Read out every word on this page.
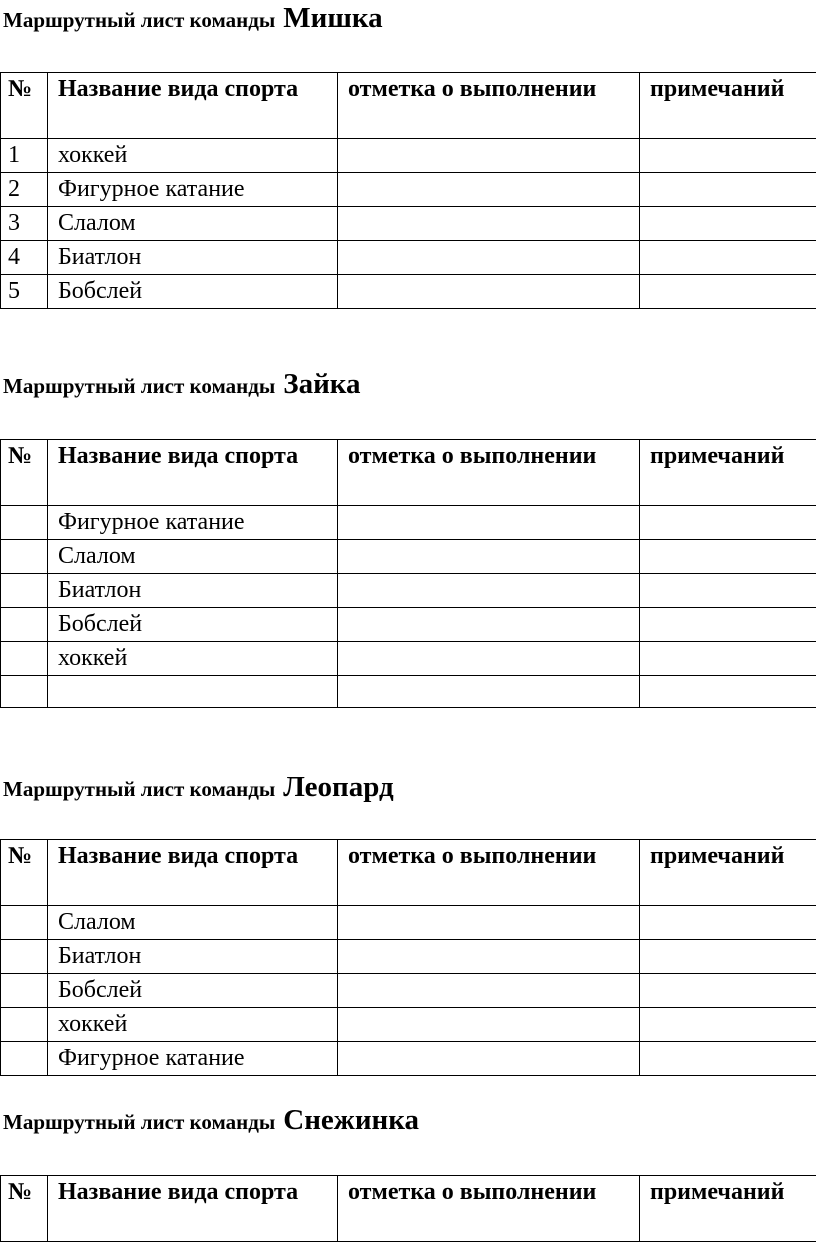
Маршрутный лист команды Мишка
№	Название вида спорта	отметка о выполнении	примечаний
1	хоккей		
2	Фигурное катание		
3	Слалом		
4	Биатлон		
5	Бобслей		
Маршрутный лист команды Зайка
№	Название вида спорта	отметка о выполнении	примечаний
	Фигурное катание		
	Слалом		
	Биатлон		
	Бобслей		
	хоккей		

Маршрутный лист команды Леопард
№	Название вида спорта	отметка о выполнении	примечаний
	Слалом		
	Биатлон		
	Бобслей		
	хоккей		
	Фигурное катание		
Маршрутный лист команды Снежинка
№	Название вида спорта	отметка о выполнении	примечаний
